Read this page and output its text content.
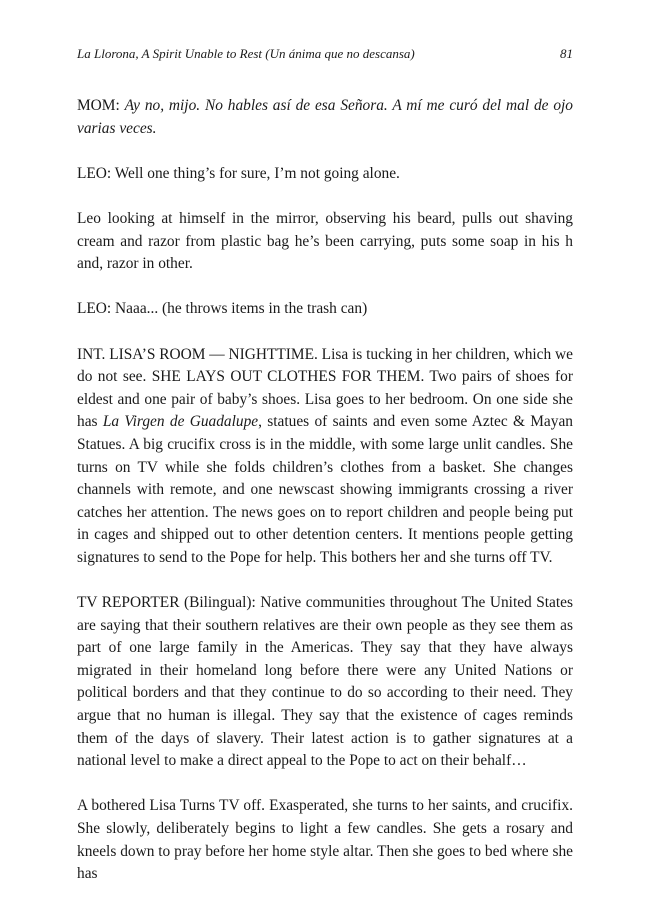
La Llorona, A Spirit Unable to Rest (Un ánima que no descansa)	81

MOM: Ay no, mijo. No hables así de esa Señora. A mí me curó del mal de ojo varias veces.

LEO: Well one thing’s for sure, I’m not going alone.

Leo looking at himself in the mirror, observing his beard, pulls out shaving cream and razor from plastic bag he’s been carrying, puts some soap in his h and, razor in other.

LEO: Naaa... (he throws items in the trash can)

INT. LISA’S ROOM — NIGHTTIME. Lisa is tucking in her children, which we do not see. SHE LAYS OUT CLOTHES FOR THEM. Two pairs of shoes for eldest and one pair of baby’s shoes. Lisa goes to her bedroom. On one side she has La Virgen de Guadalupe, statues of saints and even some Aztec & Mayan Statues. A big crucifix cross is in the middle, with some large unlit candles. She turns on TV while she folds children’s clothes from a basket. She changes channels with remote, and one newscast showing immigrants crossing a river catches her attention. The news goes on to report children and people being put in cages and shipped out to other detention centers. It mentions people getting signatures to send to the Pope for help. This bothers her and she turns off TV.

TV REPORTER (Bilingual): Native communities throughout The United States are saying that their southern relatives are their own people as they see them as part of one large family in the Americas. They say that they have always migrated in their homeland long before there were any United Nations or political borders and that they continue to do so according to their need. They argue that no human is illegal. They say that the existence of cages reminds them of the days of slavery. Their latest action is to gather signatures at a national level to make a direct appeal to the Pope to act on their behalf…

A bothered Lisa Turns TV off. Exasperated, she turns to her saints, and crucifix. She slowly, deliberately begins to light a few candles. She gets a rosary and kneels down to pray before her home style altar. Then she goes to bed where she has
